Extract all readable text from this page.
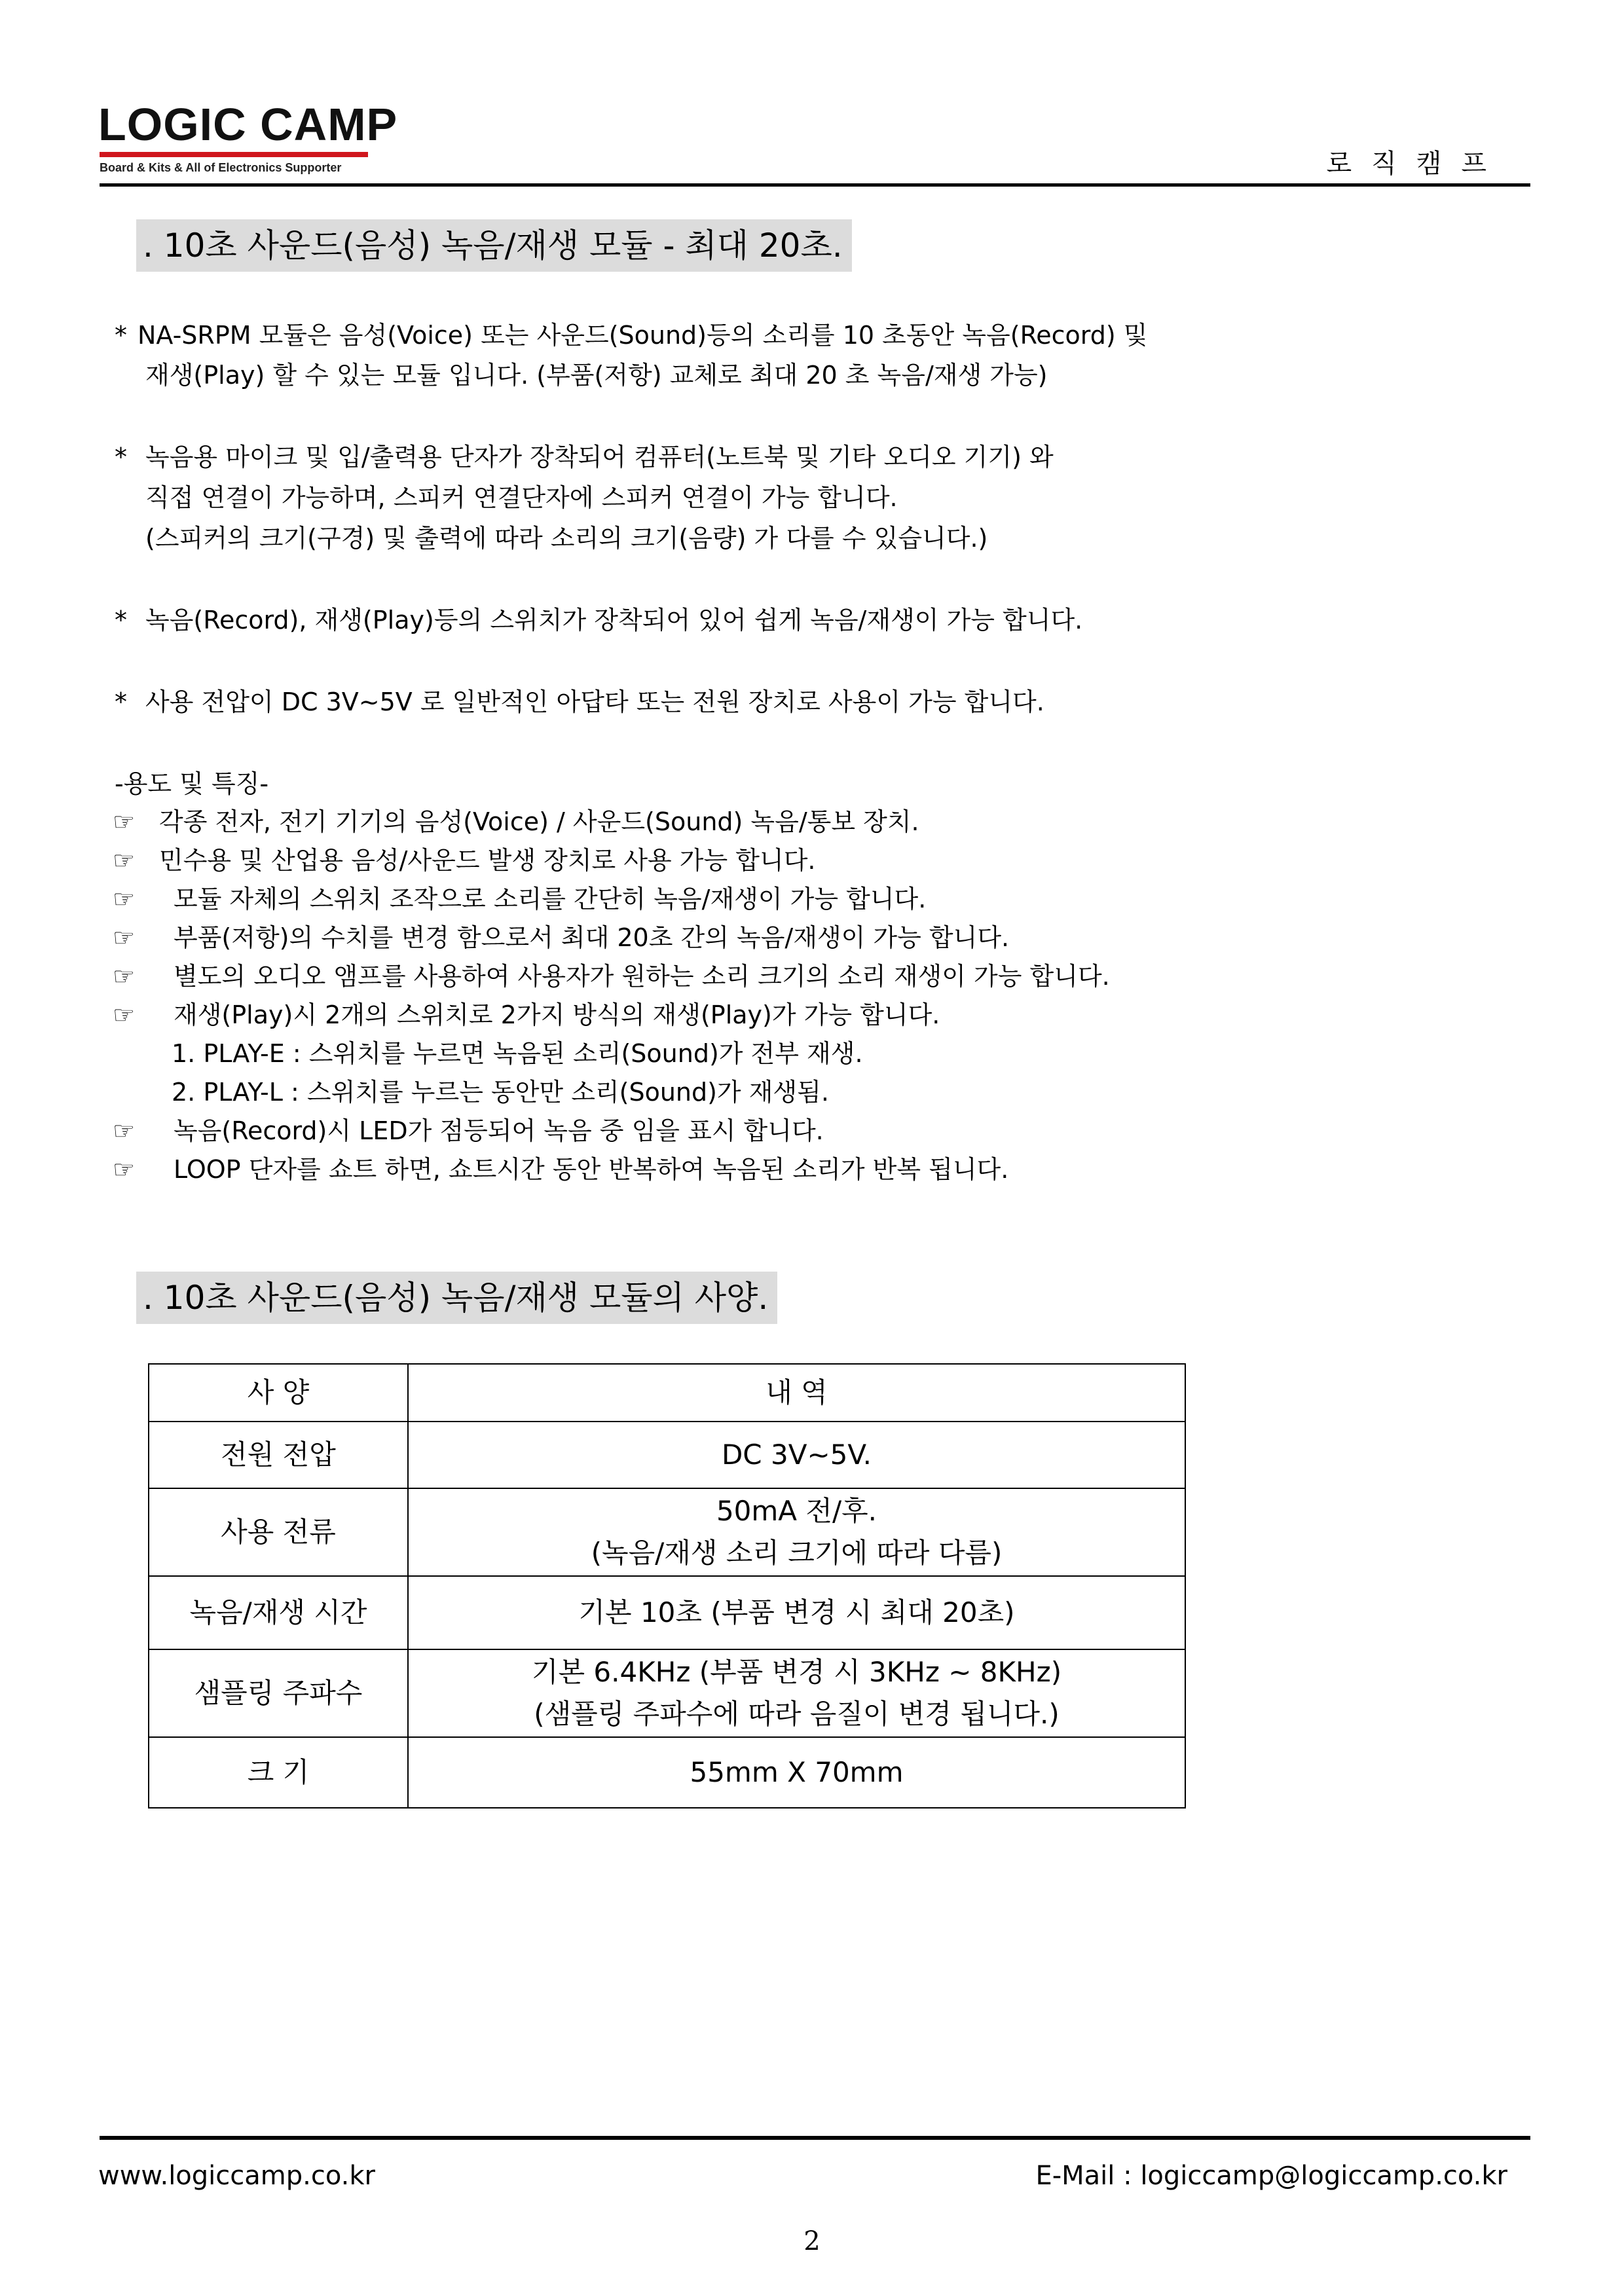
LOGIC CAMP
Board & Kits & All of Electronics Supporter	로직캠프
. 10초 사운드(음성) 녹음/재생 모듈 - 최대 20초.
* NA-SRPM 모듈은 음성(Voice) 또는 사운드(Sound)등의 소리를 10 초동안 녹음(Record) 및
재생(Play) 할 수 있는 모듈 입니다. (부품(저항) 교체로 최대 20 초 녹음/재생 가능)
* 녹음용 마이크 및 입/출력용 단자가 장착되어 컴퓨터(노트북 및 기타 오디오 기기) 와
직접 연결이 가능하며, 스피커 연결단자에 스피커 연결이 가능 합니다.
(스피커의 크기(구경) 및 출력에 따라 소리의 크기(음량) 가 다를 수 있습니다.)
* 녹음(Record), 재생(Play)등의 스위치가 장착되어 있어 쉽게 녹음/재생이 가능 합니다.
* 사용 전압이 DC 3V~5V 로 일반적인 아답타 또는 전원 장치로 사용이 가능 합니다.
-용도 및 특징-
☞ 각종 전자, 전기 기기의 음성(Voice) / 사운드(Sound) 녹음/통보 장치.
☞ 민수용 및 산업용 음성/사운드 발생 장치로 사용 가능 합니다.
☞ 모듈 자체의 스위치 조작으로 소리를 간단히 녹음/재생이 가능 합니다.
☞ 부품(저항)의 수치를 변경 함으로서 최대 20초 간의 녹음/재생이 가능 합니다.
☞ 별도의 오디오 앰프를 사용하여 사용자가 원하는 소리 크기의 소리 재생이 가능 합니다.
☞ 재생(Play)시 2개의 스위치로 2가지 방식의 재생(Play)가 가능 합니다.
1. PLAY-E : 스위치를 누르면 녹음된 소리(Sound)가 전부 재생.
2. PLAY-L : 스위치를 누르는 동안만 소리(Sound)가 재생됨.
☞ 녹음(Record)시 LED가 점등되어 녹음 중 임을 표시 합니다.
☞ LOOP 단자를 쇼트 하면, 쇼트시간 동안 반복하여 녹음된 소리가 반복 됩니다.
. 10초 사운드(음성) 녹음/재생 모듈의 사양.
사 양	내 역
전원 전압	DC 3V~5V.

사용 전류	50mA 전/후.
(녹음/재생 소리 크기에 따라 다름)

녹음/재생 시간	기본 10초 (부품 변경 시 최대 20초)

샘플링 주파수	기본 6.4KHz (부품 변경 시 3KHz ~ 8KHz)
(샘플링 주파수에 따라 음질이 변경 됩니다.)

크 기	55mm X 70mm
www.logiccamp.co.kr	E-Mail : logiccamp@logiccamp.co.kr
2
